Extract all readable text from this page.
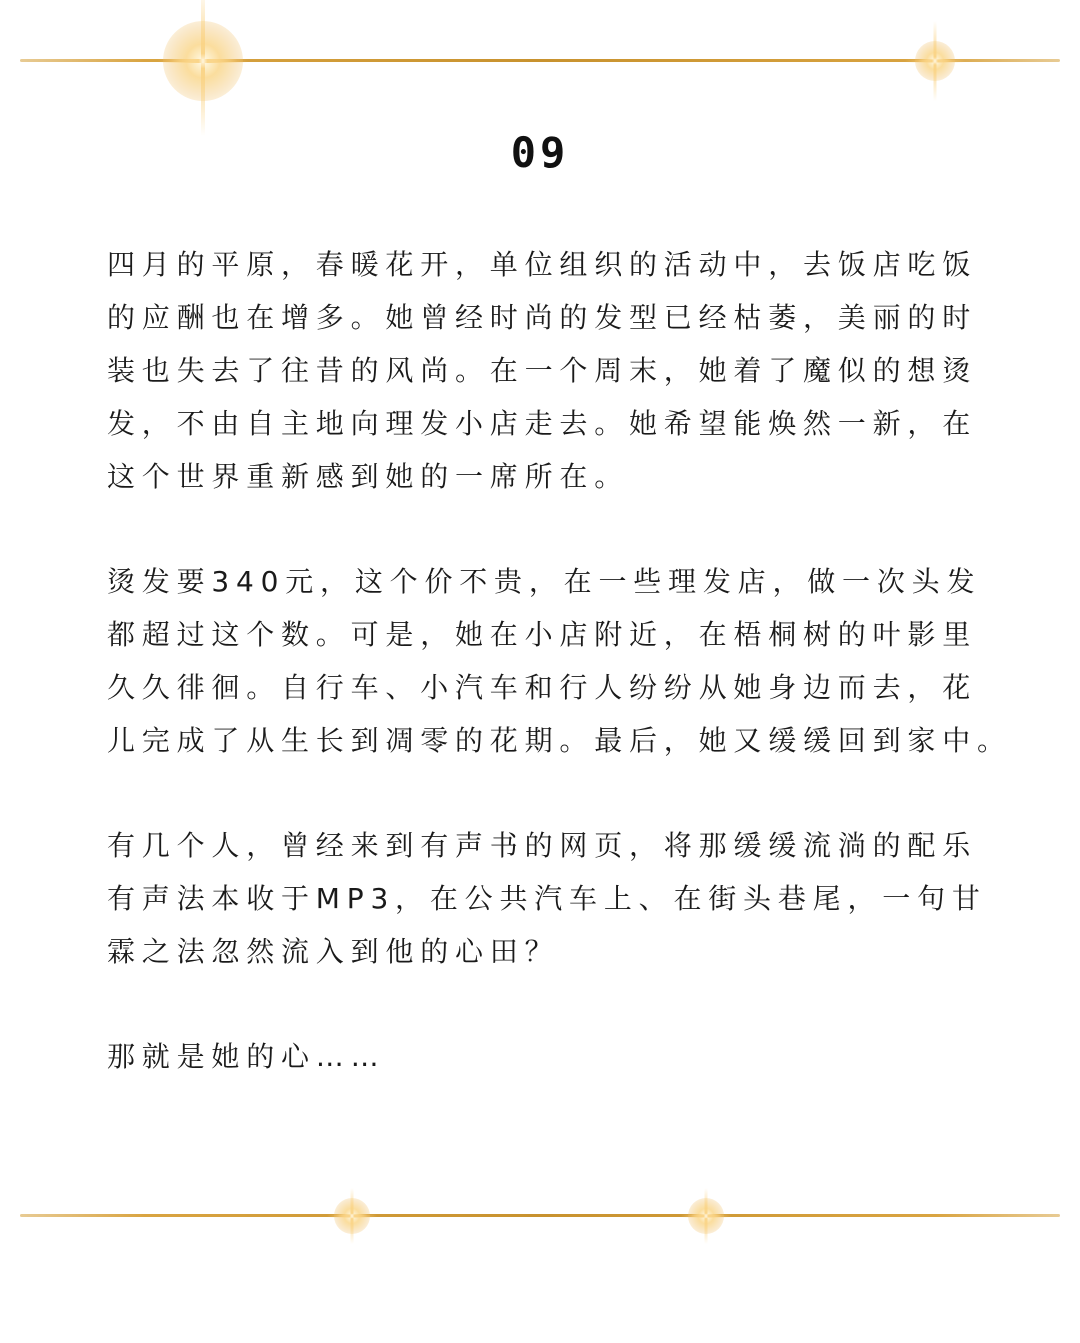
09

四月的平原，春暖花开，单位组织的活动中，去饭店吃饭
的应酬也在增多。她曾经时尚的发型已经枯萎，美丽的时
装也失去了往昔的风尚。在一个周末，她着了魔似的想烫
发，不由自主地向理发小店走去。她希望能焕然一新，在
这个世界重新感到她的一席所在。

烫发要340元，这个价不贵，在一些理发店，做一次头发
都超过这个数。可是，她在小店附近，在梧桐树的叶影里
久久徘徊。自行车、小汽车和行人纷纷从她身边而去，花
儿完成了从生长到凋零的花期。最后，她又缓缓回到家中。

有几个人，曾经来到有声书的网页，将那缓缓流淌的配乐
有声法本收于MP3，在公共汽车上、在街头巷尾，一句甘
霖之法忽然流入到他的心田？

那就是她的心……
